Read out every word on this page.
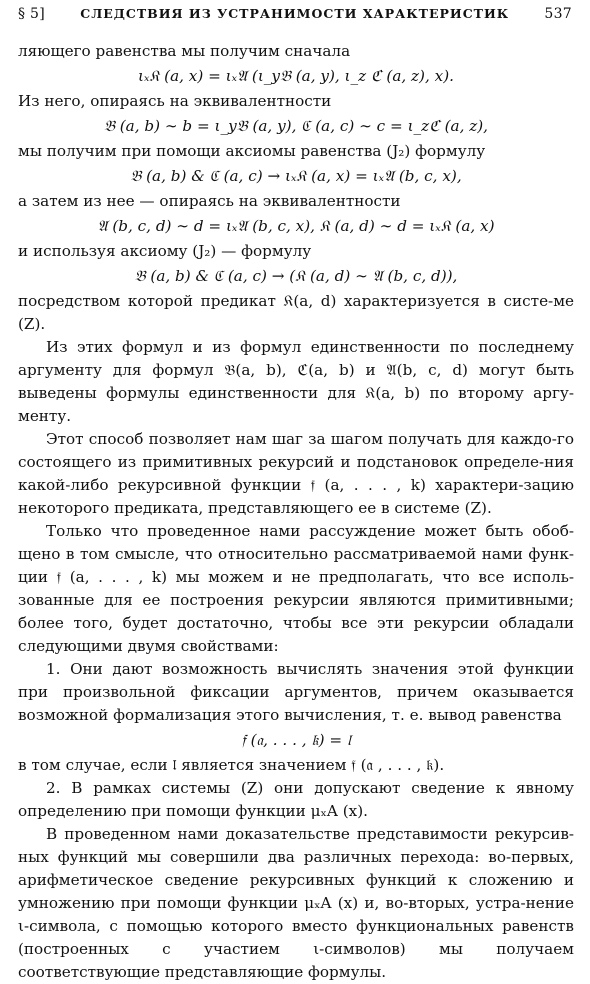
§ 5]	СЛЕДСТВИЯ ИЗ УСТРАНИМОСТИ ХАРАКТЕРИСТИК	537

ляющего равенства мы получим сначала

ιₓ𝔎 (a, x) = ιₓ𝔄 (ι_y𝔅 (a, y), ι_z ℭ (a, z), x).

Из него, опираясь на эквивалентности

𝔅 (a, b) ∼ b = ι_y𝔅 (a, y), ℭ (a, c) ∼ c = ι_zℭ (a, z),

мы получим при помощи аксиомы равенства (J₂) формулу

𝔅 (a, b) & ℭ (a, c) → ιₓ𝔎 (a, x) = ιₓ𝔄 (b, c, x),

а затем из нее — опираясь на эквивалентности

𝔄 (b, c, d) ∼ d = ιₓ𝔄 (b, c, x), 𝔎 (a, d) ∼ d = ιₓ𝔎 (a, x)

и используя аксиому (J₂) — формулу

𝔅 (a, b) & ℭ (a, c) → (𝔎 (a, d) ∼ 𝔄 (b, c, d)),

посредством которой предикат 𝔎(a, d) характеризуется в систе-ме (Z).

Из этих формул и из формул единственности по последнему аргументу для формул 𝔅(a, b), ℭ(a, b) и 𝔄(b, c, d) могут быть выведены формулы единственности для 𝔎(a, b) по второму аргу-менту.

Этот способ позволяет нам шаг за шагом получать для каждо-го состоящего из примитивных рекурсий и подстановок определе-ния какой-либо рекурсивной функции 𝔣 (a, . . . , k) характери-зацию некоторого предиката, представляющего ее в системе (Z).

Только что проведенное нами рассуждение может быть обоб-щено в том смысле, что относительно рассматриваемой нами функ-ции 𝔣 (a, . . . , k) мы можем и не предполагать, что все исполь-зованные для ее построения рекурсии являются примитивными; более того, будет достаточно, чтобы все эти рекурсии обладали следующими двумя свойствами:

1. Они дают возможность вычислять значения этой функции при произвольной фиксации аргументов, причем оказывается возможной формализация этого вычисления, т. е. вывод равенства

𝔣 (𝔞, . . . , 𝔨) = 𝔩

в том случае, если 𝔩 является значением 𝔣 (𝔞 , . . . , 𝔨).

2. В рамках системы (Z) они допускают сведение к явному определению при помощи функции μₓA (x).

В проведенном нами доказательстве представимости рекурсив-ных функций мы совершили два различных перехода: во-первых, арифметическое сведение рекурсивных функций к сложению и умножению при помощи функции μₓA (x) и, во-вторых, устра-нение ι-символа, с помощью которого вместо функциональных равенств (построенных с участием ι-символов) мы получаем соответствующие представляющие формулы.
